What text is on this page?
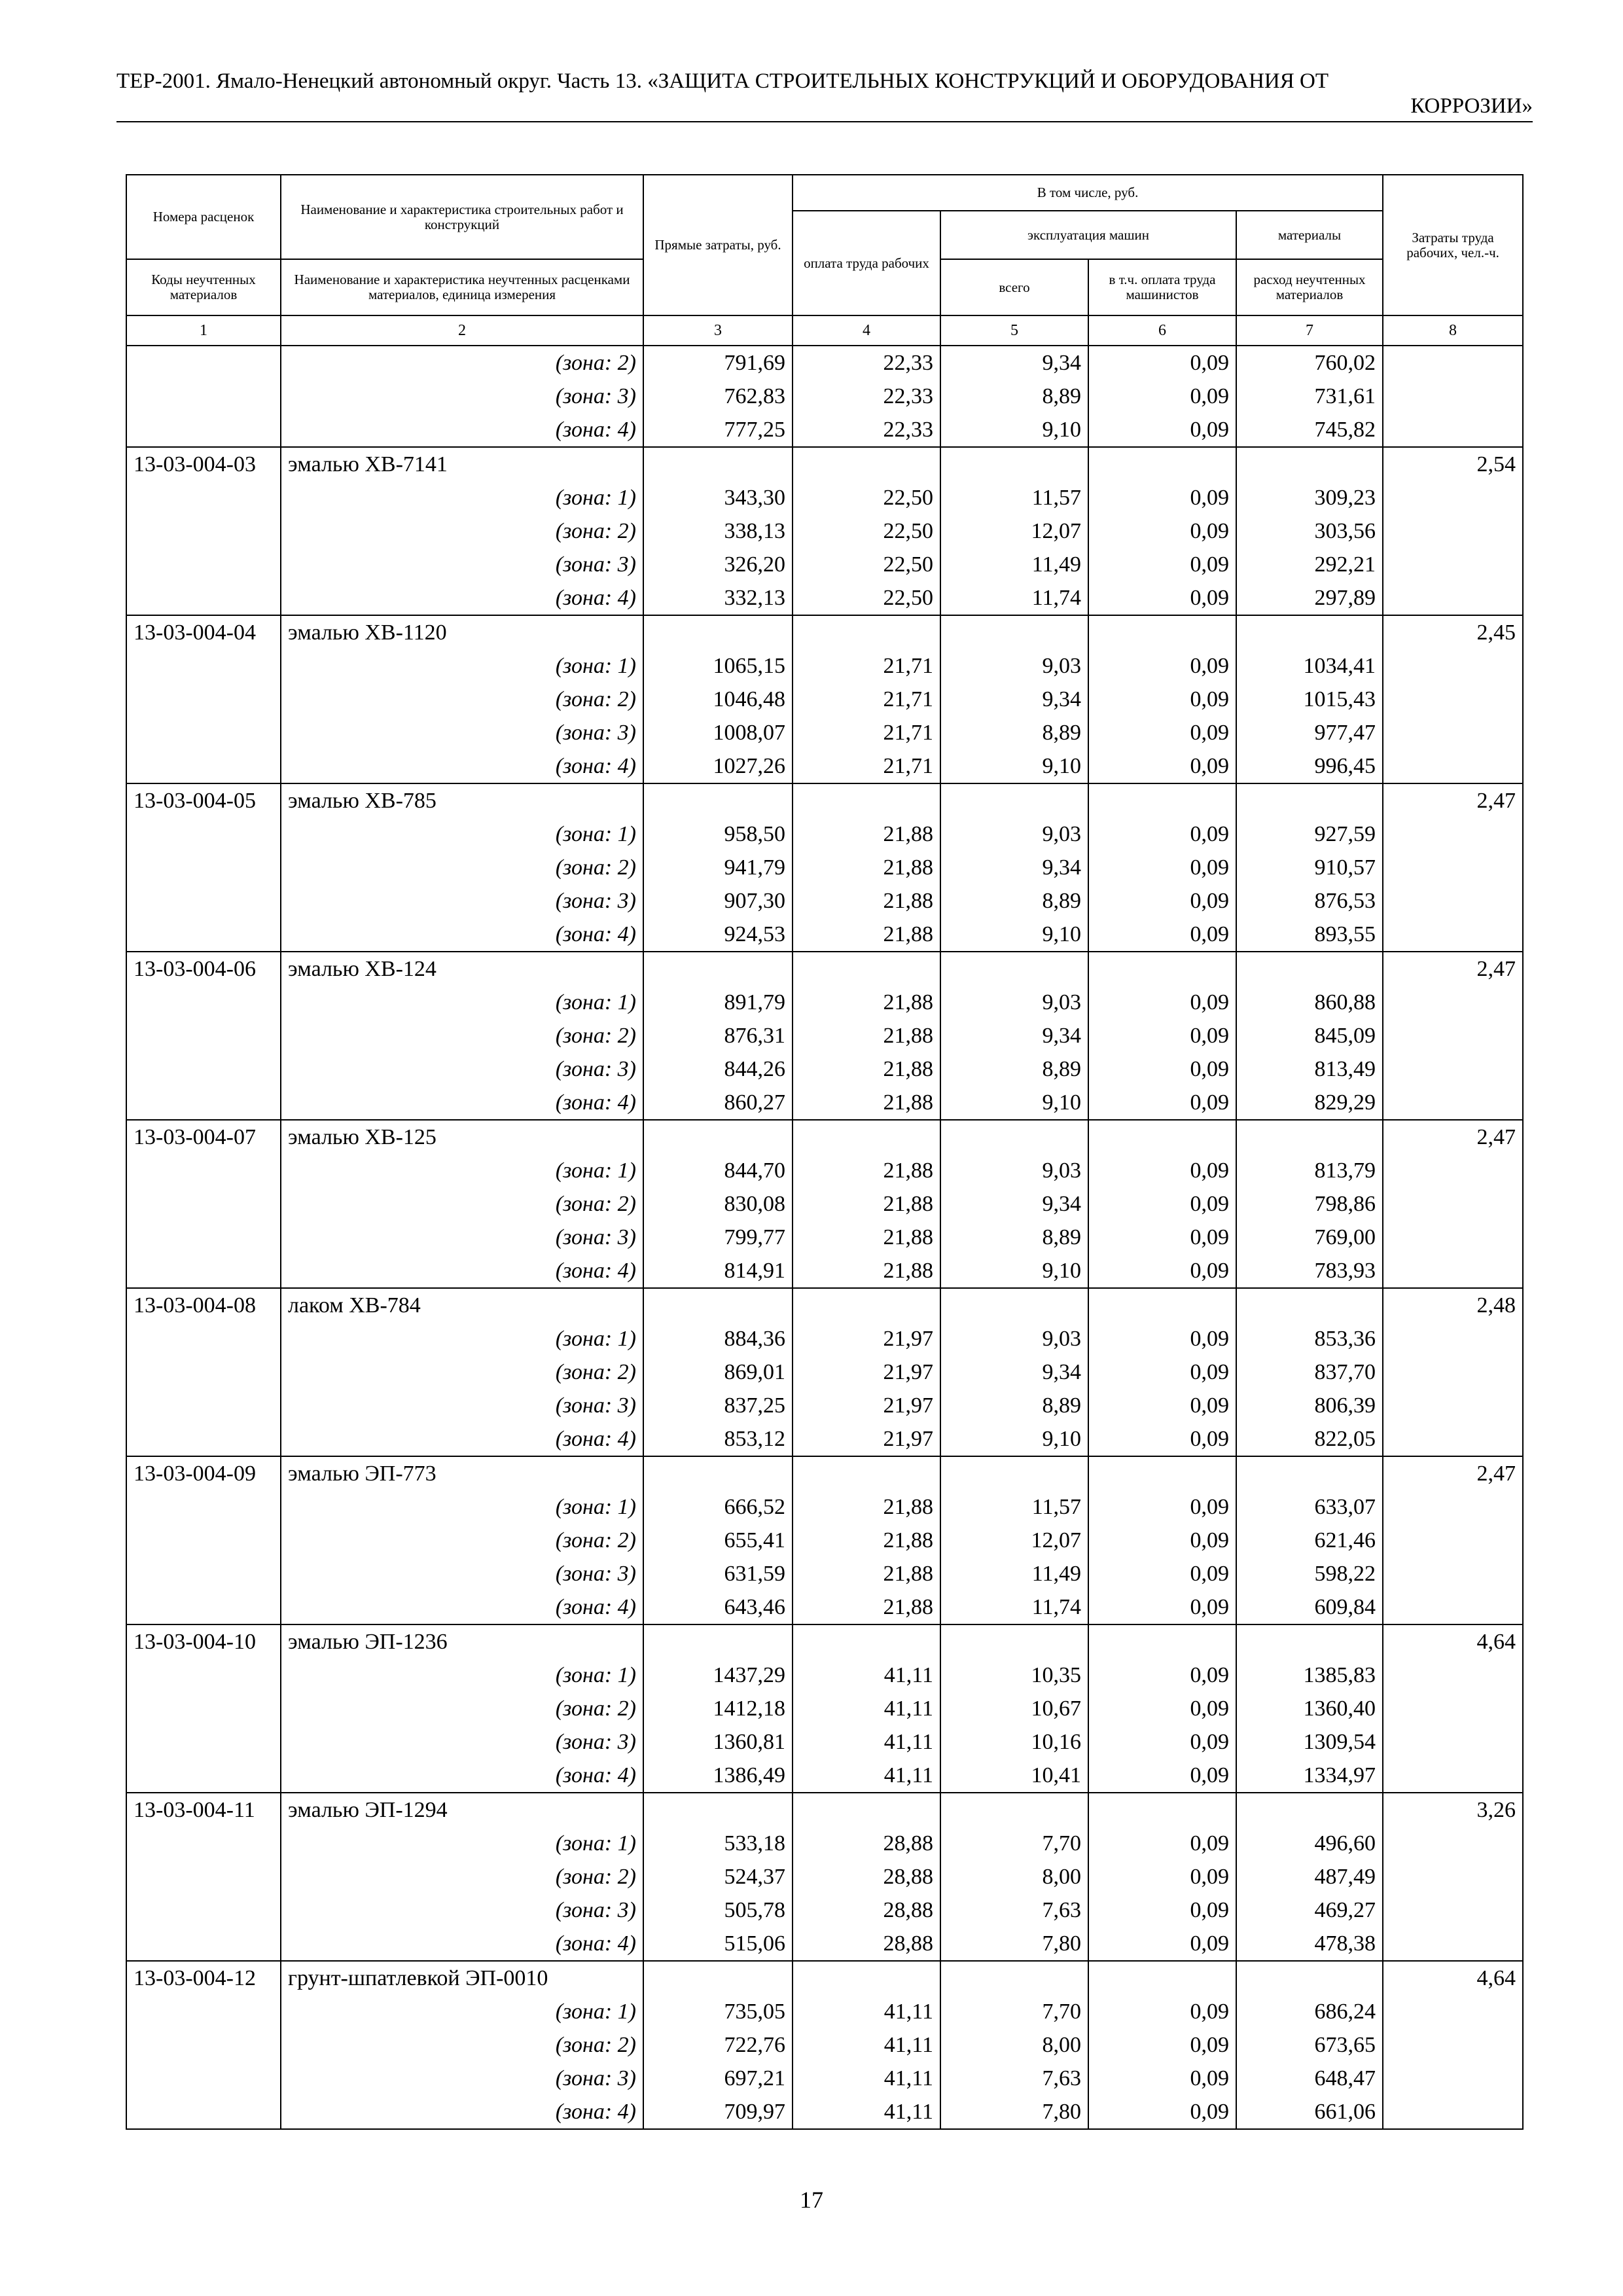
ТЕР-2001. Ямало-Ненецкий автономный округ. Часть 13. «ЗАЩИТА СТРОИТЕЛЬНЫХ КОНСТРУКЦИЙ И ОБОРУДОВАНИЯ ОТ
КОРРОЗИИ»
Номера расценок	Наименование и характеристика строительных работ и конструкций	Прямые затраты, руб.	В том числе, руб.				Затраты труда рабочих, чел.-ч.
			оплата труда рабочих	эксплуатация машин		материалы	
Коды неучтенных материалов	Наименование и характеристика неучтенных расценками материалов, единица измерения			всего	в т.ч. оплата труда машинистов	расход неучтенных материалов	
1	2	3	4	5	6	7	8
	(зона: 2)	791,69	22,33	9,34	0,09	760,02	
	(зона: 3)	762,83	22,33	8,89	0,09	731,61	
	(зона: 4)	777,25	22,33	9,10	0,09	745,82	
13-03-004-03	эмалью ХВ-7141						2,54
	(зона: 1)	343,30	22,50	11,57	0,09	309,23	
	(зона: 2)	338,13	22,50	12,07	0,09	303,56	
	(зона: 3)	326,20	22,50	11,49	0,09	292,21	
	(зона: 4)	332,13	22,50	11,74	0,09	297,89	
13-03-004-04	эмалью ХВ-1120						2,45
	(зона: 1)	1065,15	21,71	9,03	0,09	1034,41	
	(зона: 2)	1046,48	21,71	9,34	0,09	1015,43	
	(зона: 3)	1008,07	21,71	8,89	0,09	977,47	
	(зона: 4)	1027,26	21,71	9,10	0,09	996,45	
13-03-004-05	эмалью ХВ-785						2,47
	(зона: 1)	958,50	21,88	9,03	0,09	927,59	
	(зона: 2)	941,79	21,88	9,34	0,09	910,57	
	(зона: 3)	907,30	21,88	8,89	0,09	876,53	
	(зона: 4)	924,53	21,88	9,10	0,09	893,55	
13-03-004-06	эмалью ХВ-124						2,47
	(зона: 1)	891,79	21,88	9,03	0,09	860,88	
	(зона: 2)	876,31	21,88	9,34	0,09	845,09	
	(зона: 3)	844,26	21,88	8,89	0,09	813,49	
	(зона: 4)	860,27	21,88	9,10	0,09	829,29	
13-03-004-07	эмалью ХВ-125						2,47
	(зона: 1)	844,70	21,88	9,03	0,09	813,79	
	(зона: 2)	830,08	21,88	9,34	0,09	798,86	
	(зона: 3)	799,77	21,88	8,89	0,09	769,00	
	(зона: 4)	814,91	21,88	9,10	0,09	783,93	
13-03-004-08	лаком ХВ-784						2,48
	(зона: 1)	884,36	21,97	9,03	0,09	853,36	
	(зона: 2)	869,01	21,97	9,34	0,09	837,70	
	(зона: 3)	837,25	21,97	8,89	0,09	806,39	
	(зона: 4)	853,12	21,97	9,10	0,09	822,05	
13-03-004-09	эмалью ЭП-773						2,47
	(зона: 1)	666,52	21,88	11,57	0,09	633,07	
	(зона: 2)	655,41	21,88	12,07	0,09	621,46	
	(зона: 3)	631,59	21,88	11,49	0,09	598,22	
	(зона: 4)	643,46	21,88	11,74	0,09	609,84	
13-03-004-10	эмалью ЭП-1236						4,64
	(зона: 1)	1437,29	41,11	10,35	0,09	1385,83	
	(зона: 2)	1412,18	41,11	10,67	0,09	1360,40	
	(зона: 3)	1360,81	41,11	10,16	0,09	1309,54	
	(зона: 4)	1386,49	41,11	10,41	0,09	1334,97	
13-03-004-11	эмалью ЭП-1294						3,26
	(зона: 1)	533,18	28,88	7,70	0,09	496,60	
	(зона: 2)	524,37	28,88	8,00	0,09	487,49	
	(зона: 3)	505,78	28,88	7,63	0,09	469,27	
	(зона: 4)	515,06	28,88	7,80	0,09	478,38	
13-03-004-12	грунт-шпатлевкой ЭП-0010						4,64
	(зона: 1)	735,05	41,11	7,70	0,09	686,24	
	(зона: 2)	722,76	41,11	8,00	0,09	673,65	
	(зона: 3)	697,21	41,11	7,63	0,09	648,47	
	(зона: 4)	709,97	41,11	7,80	0,09	661,06	
17
